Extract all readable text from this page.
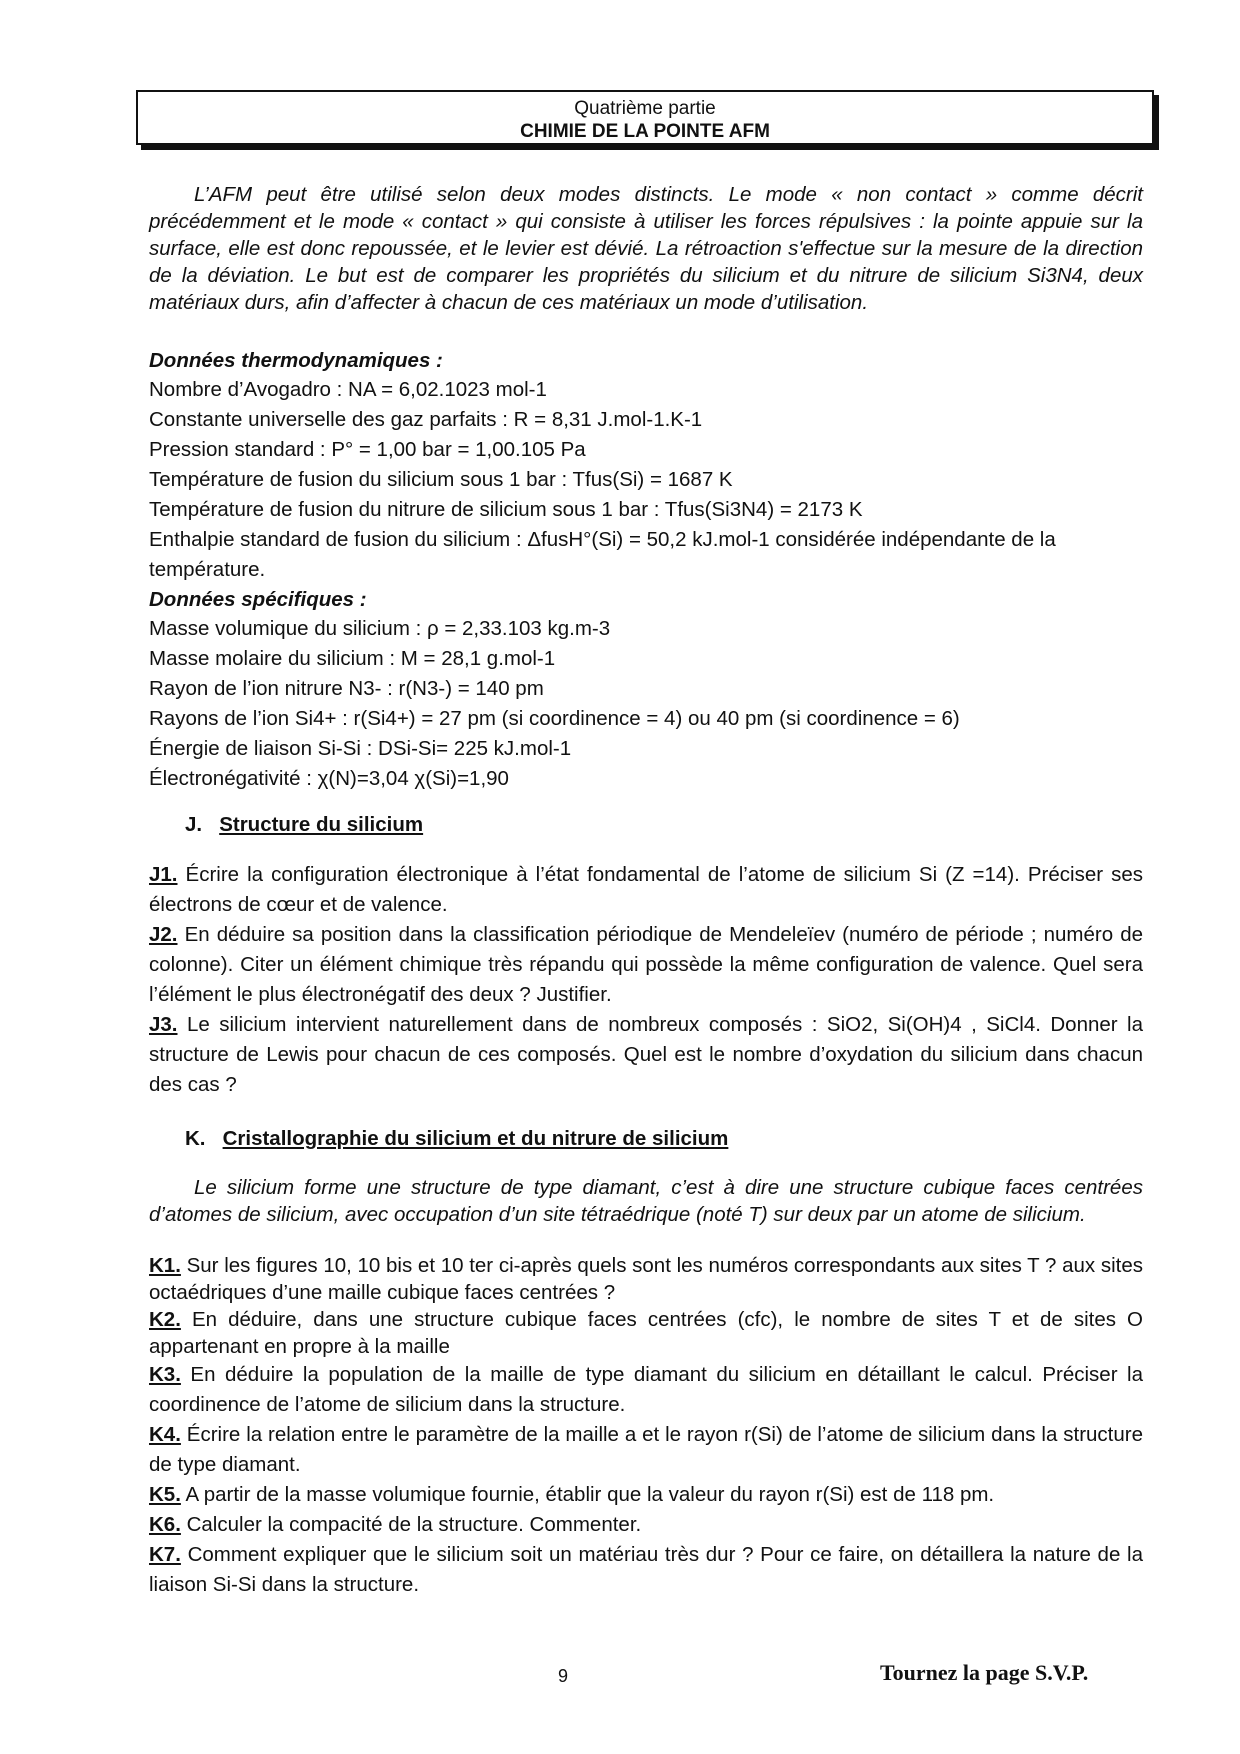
Quatrième partie
CHIMIE DE LA POINTE AFM

L’AFM peut être utilisé selon deux modes distincts. Le mode « non contact » comme décrit précédemment et le mode « contact » qui consiste à utiliser les forces répulsives : la pointe appuie sur la surface, elle est donc repoussée, et le levier est dévié. La rétroaction s'effectue sur la mesure de la direction de la déviation. Le but est de comparer les propriétés du silicium et du nitrure de silicium Si3N4, deux matériaux durs, afin d’affecter à chacun de ces matériaux un mode d’utilisation.

Données thermodynamiques :

Nombre d’Avogadro : NA = 6,02.1023 mol-1

Constante universelle des gaz parfaits : R = 8,31 J.mol-1.K-1

Pression standard : P° = 1,00 bar = 1,00.105 Pa

Température de fusion du silicium sous 1 bar : Tfus(Si) = 1687 K

Température de fusion du nitrure de silicium sous 1 bar : Tfus(Si3N4) = 2173 K

Enthalpie standard de fusion du silicium : ΔfusH°(Si) = 50,2 kJ.mol-1 considérée indépendante de la température.

Données spécifiques :

Masse volumique du silicium : ρ = 2,33.103 kg.m-3

Masse molaire du silicium : M = 28,1 g.mol-1

Rayon de l’ion nitrure N3- : r(N3-) = 140 pm

Rayons de l’ion Si4+ : r(Si4+) = 27 pm (si coordinence = 4) ou 40 pm (si coordinence = 6)

Énergie de liaison Si-Si : DSi-Si= 225 kJ.mol-1

Électronégativité : χ(N)=3,04 χ(Si)=1,90

J. Structure du silicium

J1. Écrire la configuration électronique à l’état fondamental de l’atome de silicium Si (Z =14). Préciser ses électrons de cœur et de valence.

J2. En déduire sa position dans la classification périodique de Mendeleïev (numéro de période ; numéro de colonne). Citer un élément chimique très répandu qui possède la même configuration de valence. Quel sera l’élément le plus électronégatif des deux ? Justifier.

J3. Le silicium intervient naturellement dans de nombreux composés : SiO2, Si(OH)4 , SiCl4. Donner la structure de Lewis pour chacun de ces composés. Quel est le nombre d’oxydation du silicium dans chacun des cas ?

K. Cristallographie du silicium et du nitrure de silicium

Le silicium forme une structure de type diamant, c’est à dire une structure cubique faces centrées d’atomes de silicium, avec occupation d’un site tétraédrique (noté T) sur deux par un atome de silicium.

K1. Sur les figures 10, 10 bis et 10 ter ci-après quels sont les numéros correspondants aux sites T ? aux sites octaédriques d’une maille cubique faces centrées ?

K2. En déduire, dans une structure cubique faces centrées (cfc), le nombre de sites T et de sites O appartenant en propre à la maille

K3. En déduire la population de la maille de type diamant du silicium en détaillant le calcul. Préciser la coordinence de l’atome de silicium dans la structure.

K4. Écrire la relation entre le paramètre de la maille a et le rayon r(Si) de l’atome de silicium dans la structure de type diamant.

K5. A partir de la masse volumique fournie, établir que la valeur du rayon r(Si) est de 118 pm.

K6. Calculer la compacité de la structure. Commenter.

K7. Comment expliquer que le silicium soit un matériau très dur ? Pour ce faire, on détaillera la nature de la liaison Si-Si dans la structure.

9	Tournez la page S.V.P.
